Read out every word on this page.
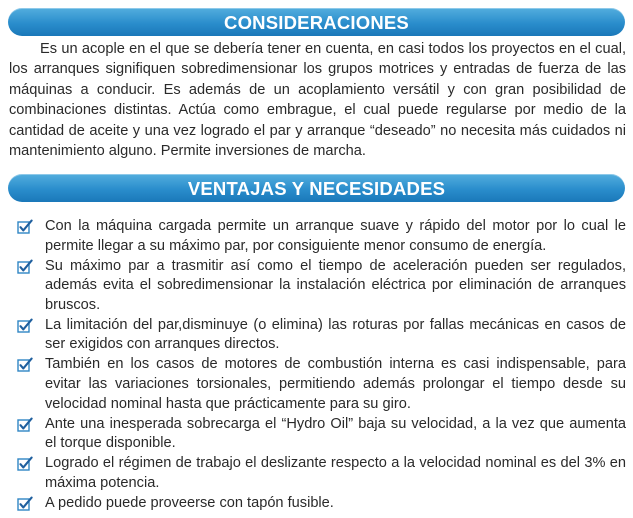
CONSIDERACIONES

Es un acople en el que se debería tener en cuenta, en casi todos los proyectos en el cual, los arranques signifiquen sobredimensionar los grupos motrices y entradas de fuerza de las máquinas a conducir. Es además de un acoplamiento versátil y con gran posibilidad de combinaciones distintas. Actúa como embrague, el cual puede regularse por medio de la cantidad de aceite y una vez logrado el par y arranque “deseado” no necesita más cuidados ni mantenimiento alguno. Permite inversiones de marcha.

VENTAJAS Y NECESIDADES
Con la máquina cargada permite un arranque suave y rápido del motor por lo cual le permite llegar a su máximo par, por consiguiente menor consumo de energía.
Su máximo par a trasmitir así como el tiempo de aceleración pueden ser regulados, además evita el sobredimensionar la instalación eléctrica por eliminación de arranques bruscos.
La limitación del par,disminuye (o elimina) las roturas por fallas mecánicas en casos de ser exigidos con arranques directos.
También en los casos de motores de combustión interna es casi indispensable, para evitar las variaciones torsionales, permitiendo además prolongar el tiempo desde su velocidad nominal hasta que prácticamente para su giro.
Ante una inesperada sobrecarga el “Hydro Oil” baja su velocidad, a la vez que aumenta el torque disponible.
Logrado el régimen de trabajo el deslizante respecto a la velocidad nominal es del 3% en máxima potencia.
A pedido puede proveerse con tapón fusible.
